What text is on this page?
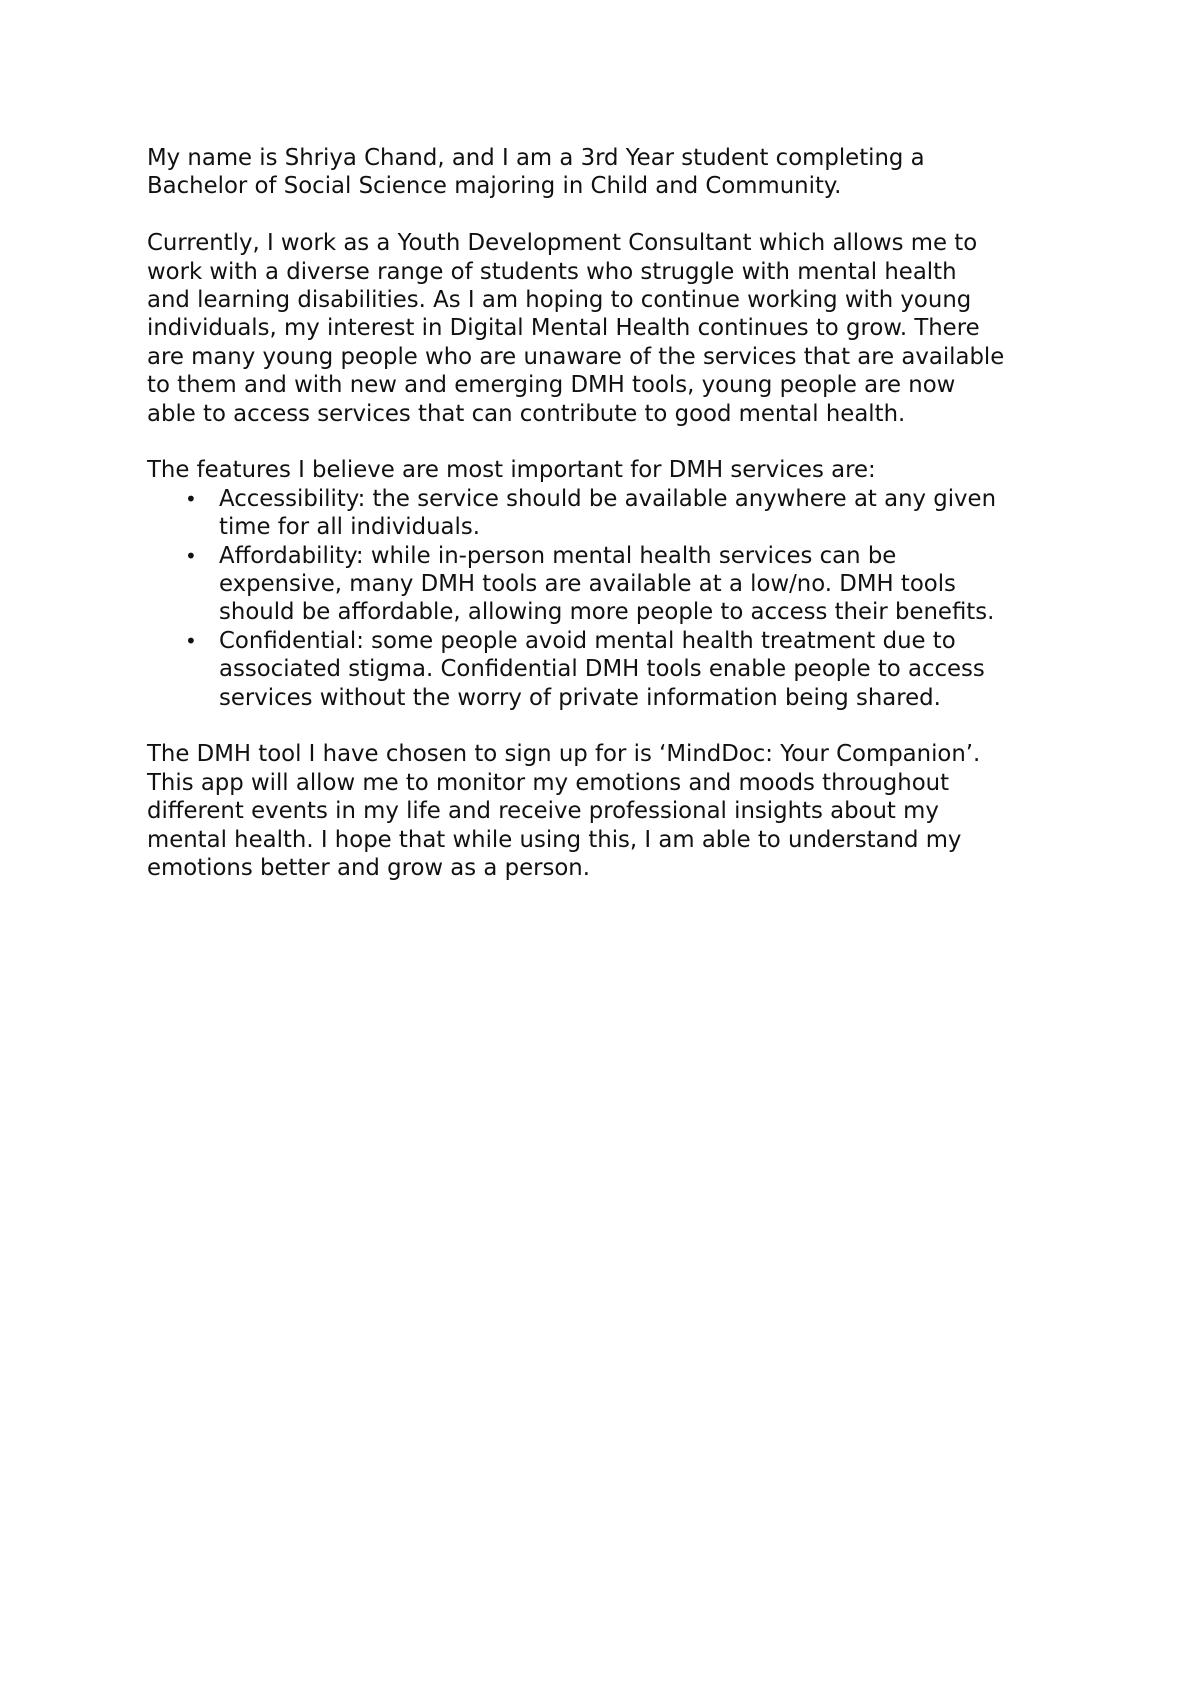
My name is Shriya Chand, and I am a 3rd Year student completing a
Bachelor of Social Science majoring in Child and Community.
Currently, I work as a Youth Development Consultant which allows me to
work with a diverse range of students who struggle with mental health
and learning disabilities. As I am hoping to continue working with young
individuals, my interest in Digital Mental Health continues to grow. There
are many young people who are unaware of the services that are available
to them and with new and emerging DMH tools, young people are now
able to access services that can contribute to good mental health.
The features I believe are most important for DMH services are:
• Accessibility: the service should be available anywhere at any given
time for all individuals.
• Affordability: while in-person mental health services can be
expensive, many DMH tools are available at a low/no. DMH tools
should be affordable, allowing more people to access their benefits.
• Confidential: some people avoid mental health treatment due to
associated stigma. Confidential DMH tools enable people to access
services without the worry of private information being shared.
The DMH tool I have chosen to sign up for is ‘MindDoc: Your Companion’.
This app will allow me to monitor my emotions and moods throughout
different events in my life and receive professional insights about my
mental health. I hope that while using this, I am able to understand my
emotions better and grow as a person.
